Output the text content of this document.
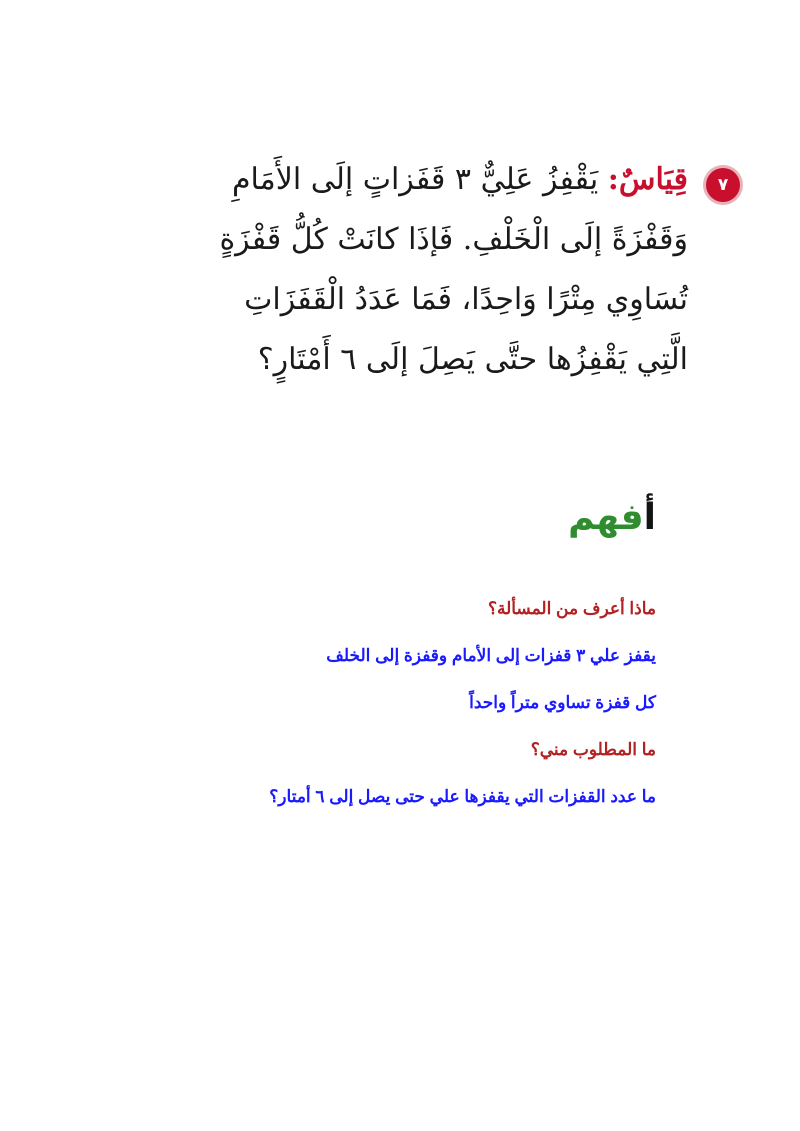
٧
قِيَاسٌ: يَقْفِزُ عَلِيٌّ ٣ قَفَزاتٍ إلَى الأَمَامِ وَقَفْزَةً إلَى الْخَلْفِ. فَإذَا كانَتْ كُلُّ قَفْزَةٍ تُسَاوِي مِتْرًا وَاحِدًا، فَمَا عَدَدُ الْقَفَزَاتِ الَّتِي يَقْفِزُها حتَّى يَصِلَ إلَى ٦ أَمْتَارٍ؟
أ
فهم
ماذا أعرف من المسألة؟
يقفز علي ٣ قفزات إلى الأمام وقفزة إلى الخلف
كل قفزة تساوي متراً واحداً
ما المطلوب مني؟
ما عدد القفزات التي يقفزها علي حتى يصل إلى ٦ أمتار؟
